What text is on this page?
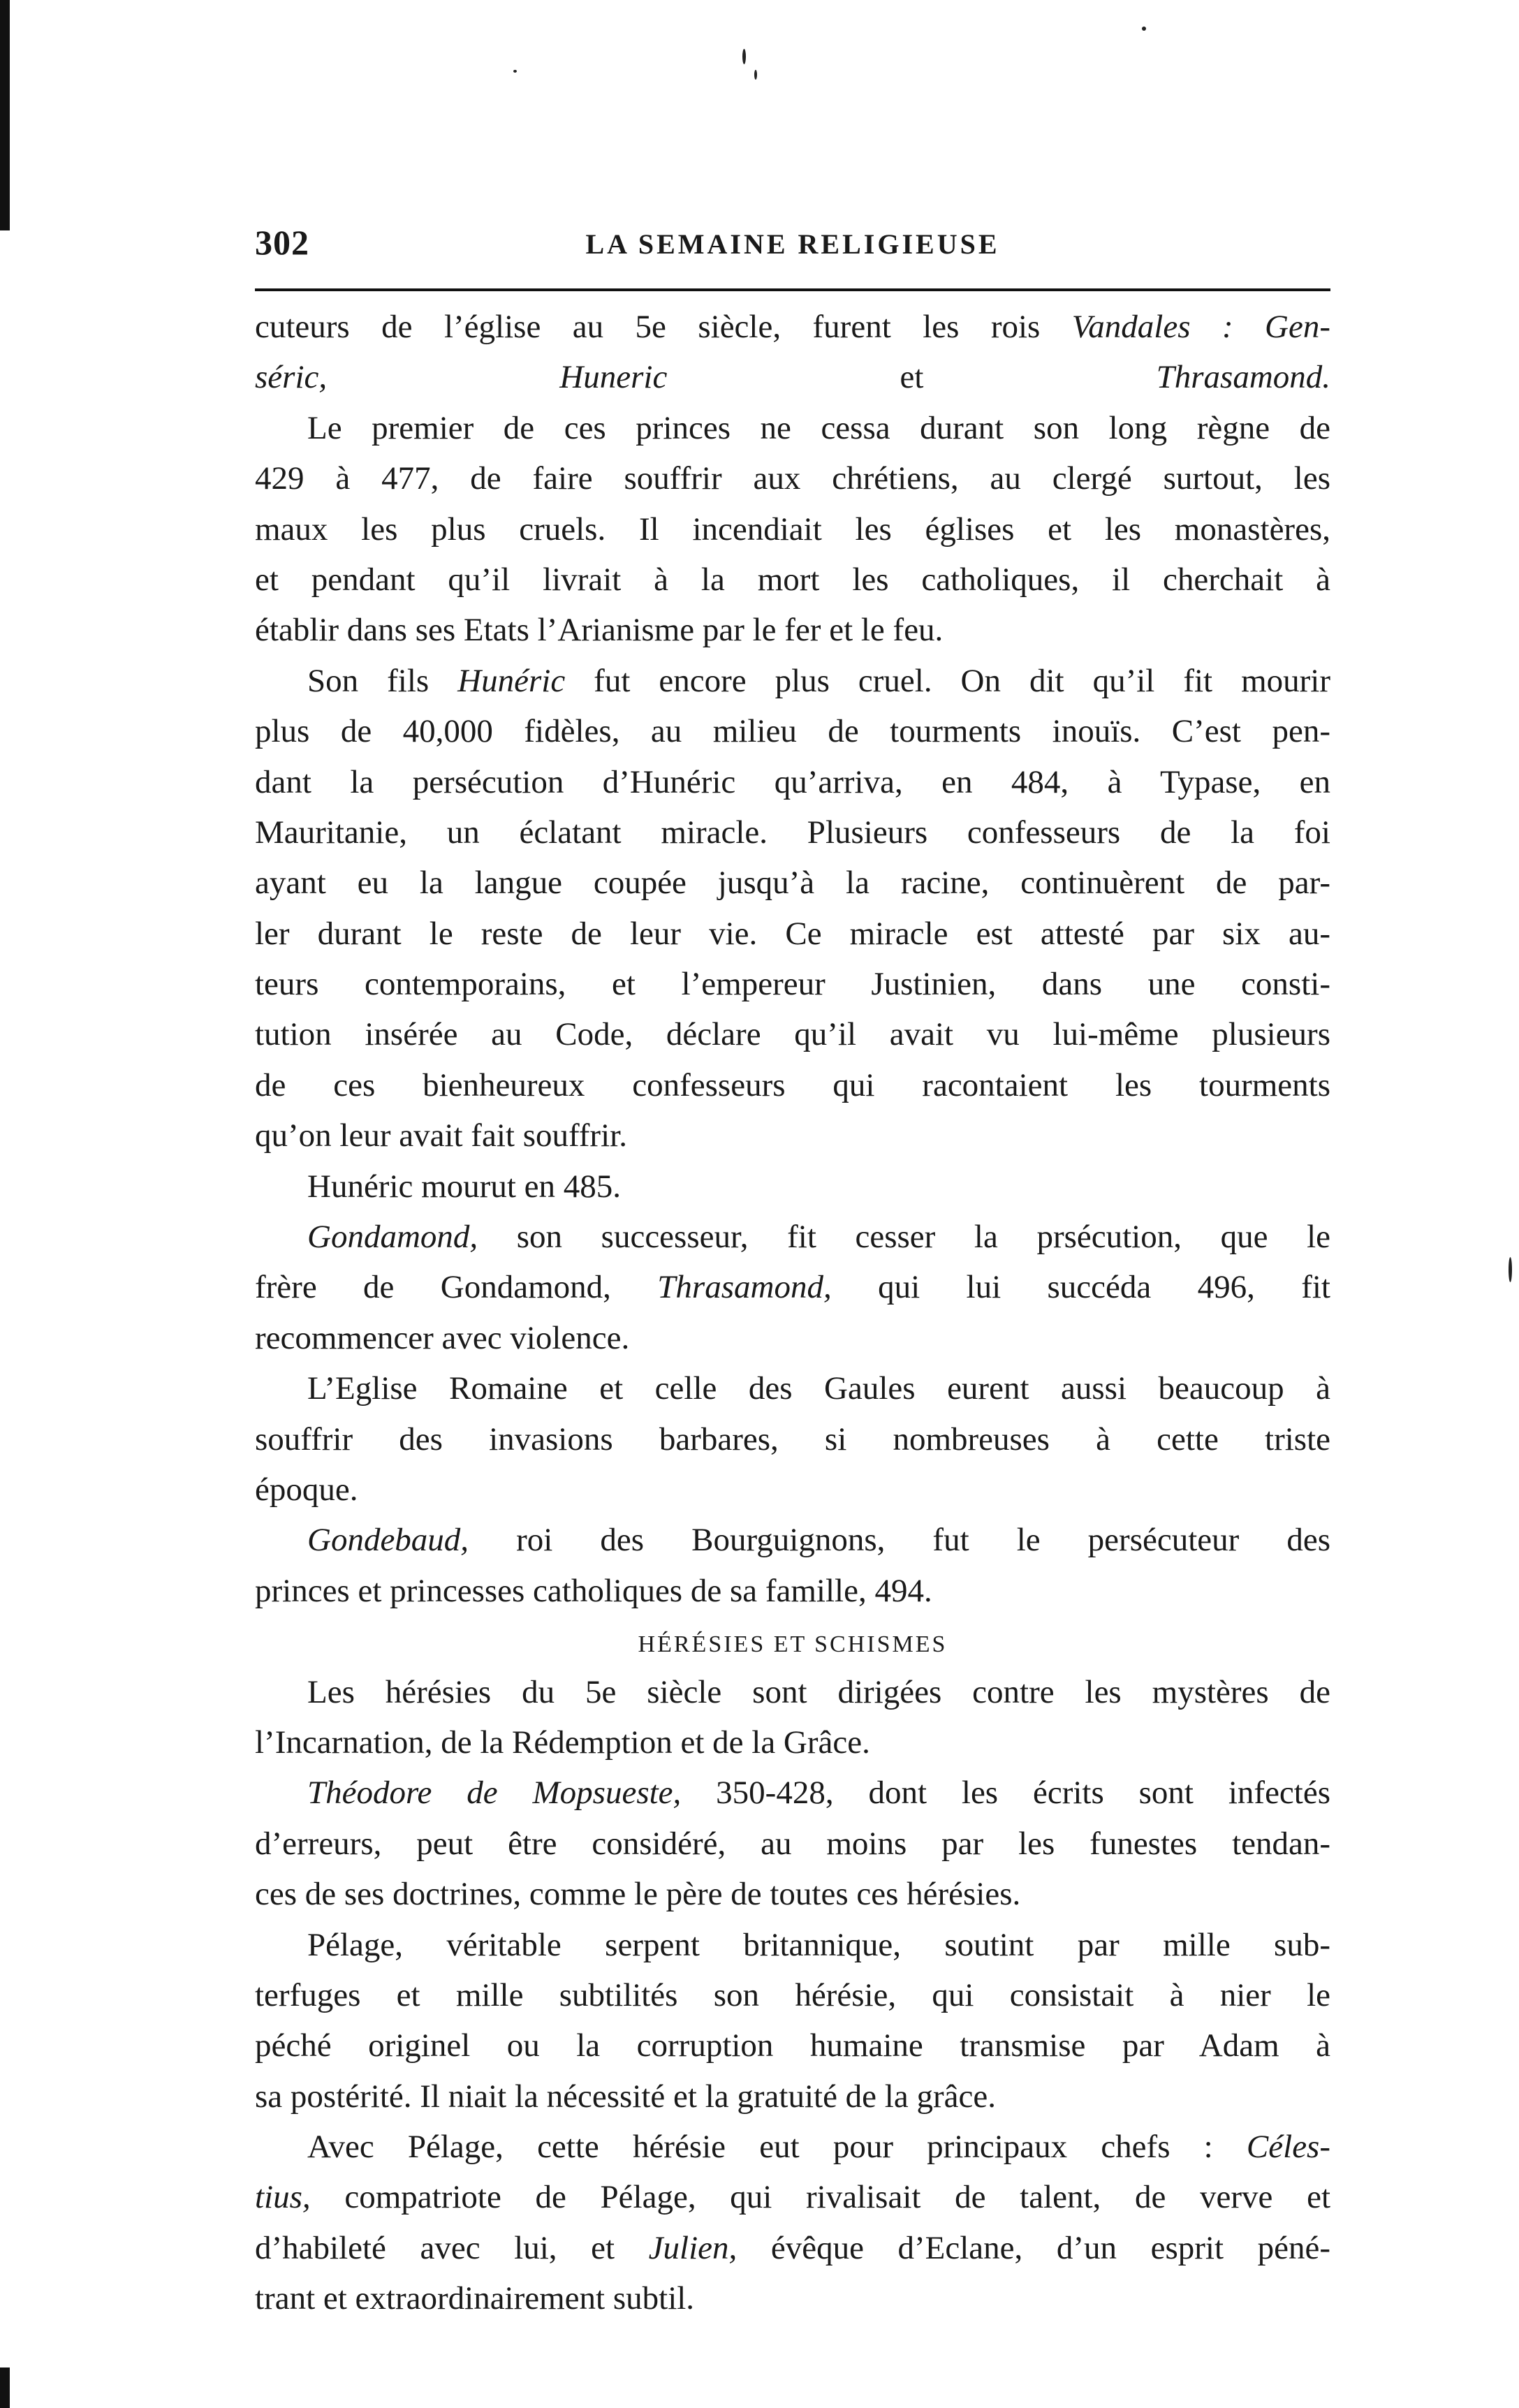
302	LA SEMAINE RELIGIEUSE
cuteurs de l’église au 5e siècle, furent les rois Vandales : Gen-
séric, Huneric et Thrasamond.
Le premier de ces princes ne cessa durant son long règne de
429 à 477, de faire souffrir aux chrétiens, au clergé surtout, les
maux les plus cruels. Il incendiait les églises et les monastères,
et pendant qu’il livrait à la mort les catholiques, il cherchait à
établir dans ses Etats l’Arianisme par le fer et le feu.
Son fils Hunéric fut encore plus cruel. On dit qu’il fit mourir
plus de 40,000 fidèles, au milieu de tourments inouïs. C’est pen-
dant la persécution d’Hunéric qu’arriva, en 484, à Typase, en
Mauritanie, un éclatant miracle. Plusieurs confesseurs de la foi
ayant eu la langue coupée jusqu’à la racine, continuèrent de par-
ler durant le reste de leur vie. Ce miracle est attesté par six au-
teurs contemporains, et l’empereur Justinien, dans une consti-
tution insérée au Code, déclare qu’il avait vu lui-même plusieurs
de ces bienheureux confesseurs qui racontaient les tourments
qu’on leur avait fait souffrir.
Hunéric mourut en 485.
Gondamond, son successeur, fit cesser la prsécution, que le
frère de Gondamond, Thrasamond, qui lui succéda 496, fit
recommencer avec violence.
L’Eglise Romaine et celle des Gaules eurent aussi beaucoup à
souffrir des invasions barbares, si nombreuses à cette triste
époque.
Gondebaud, roi des Bourguignons, fut le persécuteur des
princes et princesses catholiques de sa famille, 494.
HÉRÉSIES ET SCHISMES
Les hérésies du 5e siècle sont dirigées contre les mystères de
l’Incarnation, de la Rédemption et de la Grâce.
Théodore de Mopsueste, 350-428, dont les écrits sont infectés
d’erreurs, peut être considéré, au moins par les funestes tendan-
ces de ses doctrines, comme le père de toutes ces hérésies.
Pélage, véritable serpent britannique, soutint par mille sub-
terfuges et mille subtilités son hérésie, qui consistait à nier le
péché originel ou la corruption humaine transmise par Adam à
sa postérité. Il niait la nécessité et la gratuité de la grâce.
Avec Pélage, cette hérésie eut pour principaux chefs : Céles-
tius, compatriote de Pélage, qui rivalisait de talent, de verve et
d’habileté avec lui, et Julien, évêque d’Eclane, d’un esprit péné-
trant et extraordinairement subtil.
